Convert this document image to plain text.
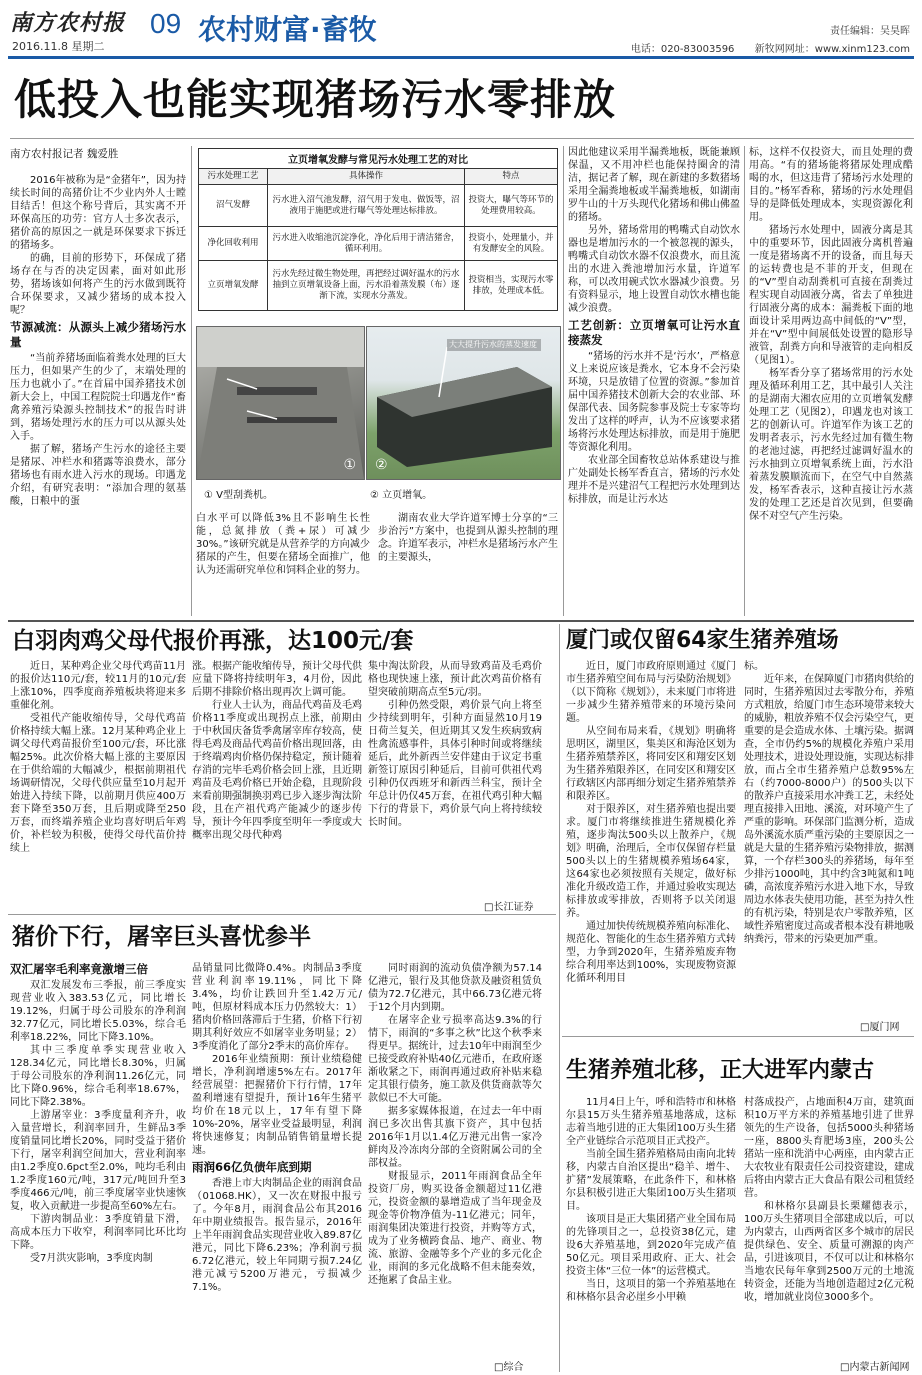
南方农村报
2016.11.8 星期二
09 农村财富·畜牧	责任编辑：吴昊晖
电话：020-83003596 新牧网网址：www.xinm123.com
低投入也能实现猪场污水零排放
南方农村报记者 魏爱胜

2016年被称为是“金猪年”，因为持续长时间的高猪价让不少业内外人士瞠目结舌！但这个称号背后，其实离不开环保高压的功劳：官方人士多次表示，猪价高的原因之一就是环保要求下拆迁的猪场多。

的确，目前的形势下，环保成了猪场存在与否的决定因素，面对如此形势，猪场该如何将产生的污水做到既符合环保要求，又减少猪场的成本投入呢？

节源减流：从源头上减少猪场污水量

“当前养猪场面临着粪水处理的巨大压力，但如果产生的少了，末端处理的压力也就小了。”在首届中国养猪技术创新大会上，中国工程院院士印遇龙作“畜禽养殖污染源头控制技术”的报告时讲到，猪场处理污水的压力可以从源头处入手。

据了解，猪场产生污水的途径主要是猪尿、冲栏水和猪露等浪费水，部分猪场也有雨水进入污水的现场。印遇龙介绍，有研究表明：“添加合理的氨基酸，日粮中的蛋

立页增氧发酵与常见污水处理工艺的对比
污水处理工艺	具体操作	特点
沼气发酵	污水进入沼气池发酵，沼气用于发电、做饭等，沼液用于施肥或进行曝气等处理达标排放。	投资大，曝气等环节的处理费用较高。
净化回收利用	污水进入收缩池沉淀净化，净化后用于清洁猪舍，循环利用。	投资小，处理量小，并有发酵安全的风险。
立页增氧发酵	污水先经过微生物处理，再把经过调好温水的污水抽到立页增氧设备上面，污水沿着蒸发膜（布）逐渐下流，实现水分蒸发。	投资相当，实现污水零排放，处理成本低。
①
大大提升污水的蒸发速度
②
① V型刮粪机。	② 立页增氧。

白水平可以降低3%且不影响生长性能，总氮排放（粪+尿）可减少30%。”该研究就是从营养学的方向减少猪尿的产生，但要在猪场全面推广，他认为还需研究单位和饲料企业的努力。

湖南农业大学许道军博士分享的“三步治污”方案中，也提到从源头控制的理念。许道军表示，冲栏水是猪场污水产生的主要源头，

因此他建议采用半漏粪地板，既能兼顾保温，又不用冲栏也能保持圈舍的清洁，据记者了解，现在新建的多数猪场采用全漏粪地板或半漏粪地板，如湖南罗牛山的十万头现代化猪场和佛山佛盈的猪场。

另外，猪场常用的鸭嘴式自动饮水器也是增加污水的一个被忽视的源头，鸭嘴式自动饮水器不仅浪费水，而且流出的水进入粪池增加污水量，许道军称，可以改用碗式饮水器减少浪费。另有资料显示，地上设置自动饮水槽也能减少浪费。

工艺创新：立页增氧可让污水直接蒸发

“猪场的污水并不是‘污水’，严格意义上来说应该是粪水，它本身不会污染环境，只是放错了位置的资源。”参加首届中国养猪技术创新大会的农业部、环保部代表、国务院参事及院士专家等均发出了这样的呼声，认为不应该要求猪场将污水处理达标排放，而是用于施肥等资源化利用。

农业部全国畜牧总站体系建设与推广处副处长杨军香直言，猪场的污水处理并不是兴建沼气工程把污水处理到达标排放，而是让污水达

标，这样不仅投资大，而且处理的费用高。“有的猪场能将猪尿处理成酷喝的水，但这违背了猪场污水处理的目的。”杨军香称，猪场的污水处理倡导的是降低处理成本，实现资源化利用。

猪场污水处理中，固液分离是其中的重要环节，因此固液分离机普遍一度是猪场离不开的设备，而且每天的运转费也是不菲的开支，但现在的“V”型自动刮粪机可直接在刮粪过程实现自动固液分离，省去了单独进行固液分离的成本：漏粪板下面的地面设计采用两边高中间低的“V”型，并在“V”型中间展低处设置的隐形导液管，刮粪方向和导液管的走向相反（见图1）。

杨军香分享了猪场常用的污水处理及循环利用工艺，其中最引人关注的是湖南大湘农应用的立页增氧发酵处理工艺（见图2），印遇龙也对该工艺的创新认可。许道军作为该工艺的发明者表示，污水先经过加有微生物的老池过滤，再把经过滤调好温水的污水抽到立页增氧系统上面，污水沿着蒸发膜顺流而下，在空气中自然蒸发，杨军香表示，这种直接让污水蒸发的处理工艺还是首次见到，但要确保不对空气产生污染。

白羽肉鸡父母代报价再涨，达100元/套

近日，某种鸡企业父母代鸡苗11月的报价达110元/套，较11月的10元/套上涨10%，四季度商养殖板块将迎来多重催化剂。

受祖代产能收缩传导，父母代鸡苗价格持续大幅上涨。12月某种鸡企业上调父母代鸡苗报价至100元/套，环比涨幅25%。此次价格大幅上涨的主要原因在于供给端的大幅减少，根据前期祖代场调研情况，父母代供应量至10月起开始进入持续下降，以前期月供应400万套下降至350万套，且后期或降至250万套，而终端养殖企业均喜好明后年鸡价，补栏较为积极，使得父母代苗价持续上

涨。根据产能收缩传导，预计父母代供应量下降将持续明年3，4月份，因此后期不排除价格出现再次上调可能。

行业人士认为，商品代鸡苗及毛鸡价格11季度或出现拐点上涨，前期由于中秋国庆备货季禽屠宰库存较高，使得毛鸡及商品代鸡苗价格出现回落，由于终端鸡肉价格仍保持稳定，预计随着存消的完毕毛鸡价格会回上涨，且近期鸡苗及毛鸡价格已开始企稳，且现阶段来看前期强制换羽鸡已步入逐步淘汰阶段，且在产祖代鸡产能减少的逐步传导，预计今年四季度至明年一季度或大概率出现父母代种鸡

集中淘汰阶段，从而导致鸡苗及毛鸡价格也现快速上涨，预计此次鸡苗价格有望突破前期高点至5元/羽。

引种仍然受限，鸡价景气向上将至少持续到明年，引种方面显然10月19日荷兰复关，但近期其又发生疾病致病性禽流感事件，具体引种时间或将继续延后，此外新西兰安伴建由于议定书重新签订原因引种延后，目前可供祖代鸡引种仍仅西班牙和新西兰科宝，预计全年总计仍仅45万套，在祖代鸡引种大幅下行的背景下，鸡价景气向上将持续较长时间。

□长江证券
猪价下行，屠宰巨头喜忧参半
双汇屠宰毛利率竟激增三倍

双汇发展发布三季报，前三季度实现营业收入383.53亿元，同比增长19.12%，归属于母公司股东的净利润32.77亿元，同比增长5.03%，综合毛利率18.22%，同比下降3.10%。

其中三季度单季实现营业收入128.34亿元，同比增长8.30%，归属于母公司股东的净利润11.26亿元，同比下降0.96%，综合毛利率18.67%，同比下降2.38%。

上游屠宰业：3季度量利齐升，收入量营增长，利润率回升，生鲜品3季度销量同比增长20%，同时受益于猪价下行，屠宰利润空间加大，营业利润率由1.2季度0.6pct至2.0%，吨均毛利由1.2季度160元/吨，317元/吨回升至3季度466元/吨，前三季度屠宰业快速恢复，收入贡献进一步提高至60%左右。

下游肉制品业：3季度销量下滑，高成本压力下收窄，利润率同比环比均下降。

受7月洪灾影响，3季度肉制

品销量同比微降0.4%。肉制品3季度营业利润率19.11%，同比下降3.4%，均价让跌回升至1.42万元/吨，但原材料成本压力仍然较大：1）猪肉价格回落滞后于生猪，价格下行初期其利好效应不如屠宰业务明显；2）3季度消化了部分2季末的高价库存。

2016年业绩预期：预计业绩稳健增长，净利润增速5%左右。2017年经营展望：把握猪价下行行情，17年盈利增速有望提升，预计16年生猪平均价在18元以上，17年有望下降10%-20%，屠宰业受益最明显，利润将快速修复；肉制品销售销量增长提速。

雨润66亿负债年底到期

香港上市大肉制品企业的雨润食品（01068.HK），又一次在财报中报亏了。今年8月，雨润食品公布其2016年中期业绩报告。报告显示，2016年上半年雨润食品实现营业收入89.87亿港元，同比下降6.23%；净利润亏损6.72亿港元，较上年同期亏损7.24亿港元减亏5200万港元，亏损减少7.1%。

同时雨润的流动负债净额为57.14亿港元，银行及其他贷款及融资租赁负债为72.7亿港元，其中66.73亿港元将于12个月内到期。

在屠宰企业亏损率高达9.3%的行情下，雨润的“多事之秋”比这个秋季来得更早。据统计，过去10年中雨润至少已接受政府补贴40亿元港币，在政府逐渐收紧之下，雨润再通过政府补贴来稳定其银行债务，施工款及供货商款等欠款似已不大可能。

据多家媒体报道，在过去一年中雨润已多次出售其旗下资产，其中包括2016年1月以1.4亿万港元出售一家冷鲜肉及冷冻肉分部的全资附属公司的全部权益。

财报显示，2011年雨润食品全年投资厂房，购买设备金额超过11亿港元，投资金额的暴增造成了当年现金及现金等价物净值为-11亿港元；同年，雨润集团决策进行投资，并购等方式，成为了业务横跨食品、地产、商业、物流、旅游、金融等多个产业的多元化企业，雨润的多元化战略不但未能奏效，还拖累了食品主业。

□综合
厦门或仅留64家生猪养殖场

近日，厦门市政府原则通过《厦门市生猪养殖空间布局与污染防治规划》（以下简称《规划》），未来厦门市将进一步减少生猪养殖带来的环境污染问题。

从空间布局来看，《规划》明确将思明区，湖里区，集美区和海沧区划为生猪养殖禁养区，将同安区和翔安区划为生猪养殖限养区，在同安区和翔安区行政辖区内部再细分划定生猪养殖禁养和限养区。

对于限养区，对生猪养殖也提出要求。厦门市将继续推进生猪规模化养殖，逐步淘汰500头以上散养户，《规划》明确，治理后，全市仅保留存栏量500头以上的生猪规模养殖场64家，这64家也必须按照有关规定，做好标准化升级改造工作，并通过验收实现达标排放或零排放，否则将予以关闭退养。

通过加快传统规模养殖向标准化、规范化、智能化的生态生猪养殖方式转型，力争到2020年，生猪养殖废弃物综合利用率达到100%，实现废物资源化循环利用目

标。

近年来，在保障厦门市猪肉供给的同时，生猪养殖因过去零散分布，养殖方式粗放，给厦门市生态环境带来较大的威胁，粗放养殖不仅会污染空气，更重要的是会造成水体、土壤污染。据调查，全市仍约5%的规模化养殖户采用处理技术，进设处理设施，实现达标排放，而占全市生猪养殖户总数95%左右（约7000-8000户）的500头以下的散养户直接采用水冲粪工艺，未经处理直接排入田地、溪流，对环境产生了严重的影响。环保部门监测分析，造成岛外溪流水质严重污染的主要原因之一就是大量的生猪养殖污染物排放，据测算，一个存栏300头的养猪场，每年至少排污1000吨，其中约含3吨氮和1吨磷，高浓度养殖污水进入地下水，导致周边水体表失使用功能，甚至为持久性的有机污染，特别是农户零散养殖，区域性养殖密度过高或者根本没有耕地吸纳粪污，带来的污染更加严重。

□厦门网
生猪养殖北移，正大进军内蒙古

11月4日上午，呼和浩特市和林格尔县15万头生猪养殖基地落成，这标志着当地引进的正大集团100万头生猪全产业链综合示范项目正式投产。

当前全国生猪养殖格局由南向北转移，内蒙古自治区提出“稳羊、增牛、扩猪”发展策略，在此条件下，和林格尔县积极引进正大集团100万头生猪项目。

该项目是正大集团猪产业全国布局的先锋项目之一，总投资38亿元，建设6大养殖基地，到2020年完成产值50亿元。项目采用政府、正大、社会投资主体“三位一体”的运营模式。

当日，这项目的第一个养殖基地在和林格尔县舍必崖乡小甲赖

村落成投产，占地面积4万亩，建筑面积10万平方米的养殖基地引进了世界领先的生产设备，包括5000头种猪场一座，8800头育肥场3座，200头公猪站一座和洗消中心两座，由内蒙古正大农牧业有限责任公司投资建设，建成后将由内蒙古正大食品有限公司租赁经营。

和林格尔县副县长栗耀德表示，100万头生猪项目全部建成以后，可以为内蒙古，山西两省区多个城市的居民提供绿色、安全、质量可溯源的肉产品，引进该项目，不仅可以让和林格尔当地农民每年拿到2500万元的土地流转资金，还能为当地创造超过2亿元税收，增加就业岗位3000多个。

□内蒙古新闻网
